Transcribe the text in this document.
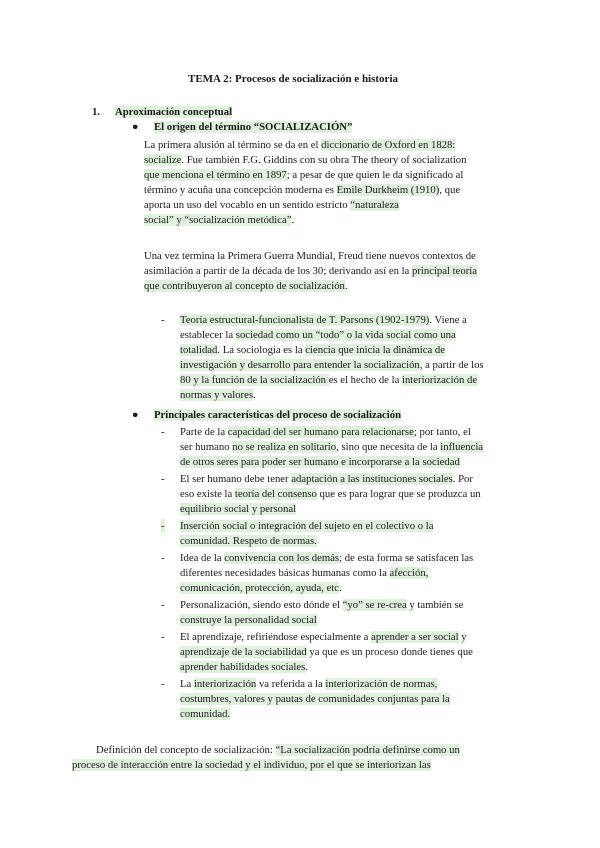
TEMA 2: Procesos de socialización e historia
1. Aproximación conceptual
● El origen del término “SOCIALIZACIÓN”
La primera alusión al término se da en el diccionario de Oxford en 1828:
socialize. Fue también F.G. Giddins con su obra The theory of socialization
que menciona el término en 1897; a pesar de que quien le da significado al
término y acuña una concepción moderna es Emile Durkheim (1910), que
aporta un uso del vocablo en un sentido estricto “naturaleza
social” y “socialización metódica”.
Una vez termina la Primera Guerra Mundial, Freud tiene nuevos contextos de
asimilación a partir de la década de los 30; derivando así en la principal teoría
que contribuyeron al concepto de socialización.
- Teoría estructural-funcionalista de T. Parsons (1902-1979). Viene a
establecer la sociedad como un “todo” o la vida social como una
totalidad. La sociología es la ciencia que inicia la dinámica de
investigación y desarrollo para entender la socialización, a partir de los
80 y la función de la socialización es el hecho de la interiorización de
normas y valores.
● Principales características del proceso de socialización
- Parte de la capacidad del ser humano para relacionarse; por tanto, el
ser humano no se realiza en solitario, sino que necesita de la influencia
de otros seres para poder ser humano e incorporarse a la sociedad
- El ser humano debe tener adaptación a las instituciones sociales. Por
eso existe la teoría del consenso que es para lograr que se produzca un
equilibrio social y personal
- Inserción social o integración del sujeto en el colectivo o la
comunidad. Respeto de normas.
- Idea de la convivencia con los demás; de esta forma se satisfacen las
diferentes necesidades básicas humanas como la afección,
comunicación, protección, ayuda, etc.
- Personalización, siendo esto dónde el “yo” se re-crea y también se
construye la personalidad social
- El aprendizaje, refiriéndose especialmente a aprender a ser social y
aprendizaje de la sociabilidad ya que es un proceso donde tienes que
aprender habilidades sociales.
- La interiorización va referida a la interiorización de normas,
costumbres, valores y pautas de comunidades conjuntas para la
comunidad.
Definición del concepto de socialización: “La socialización podría definirse como un
proceso de interacción entre la sociedad y el individuo, por el que se interiorizan las
